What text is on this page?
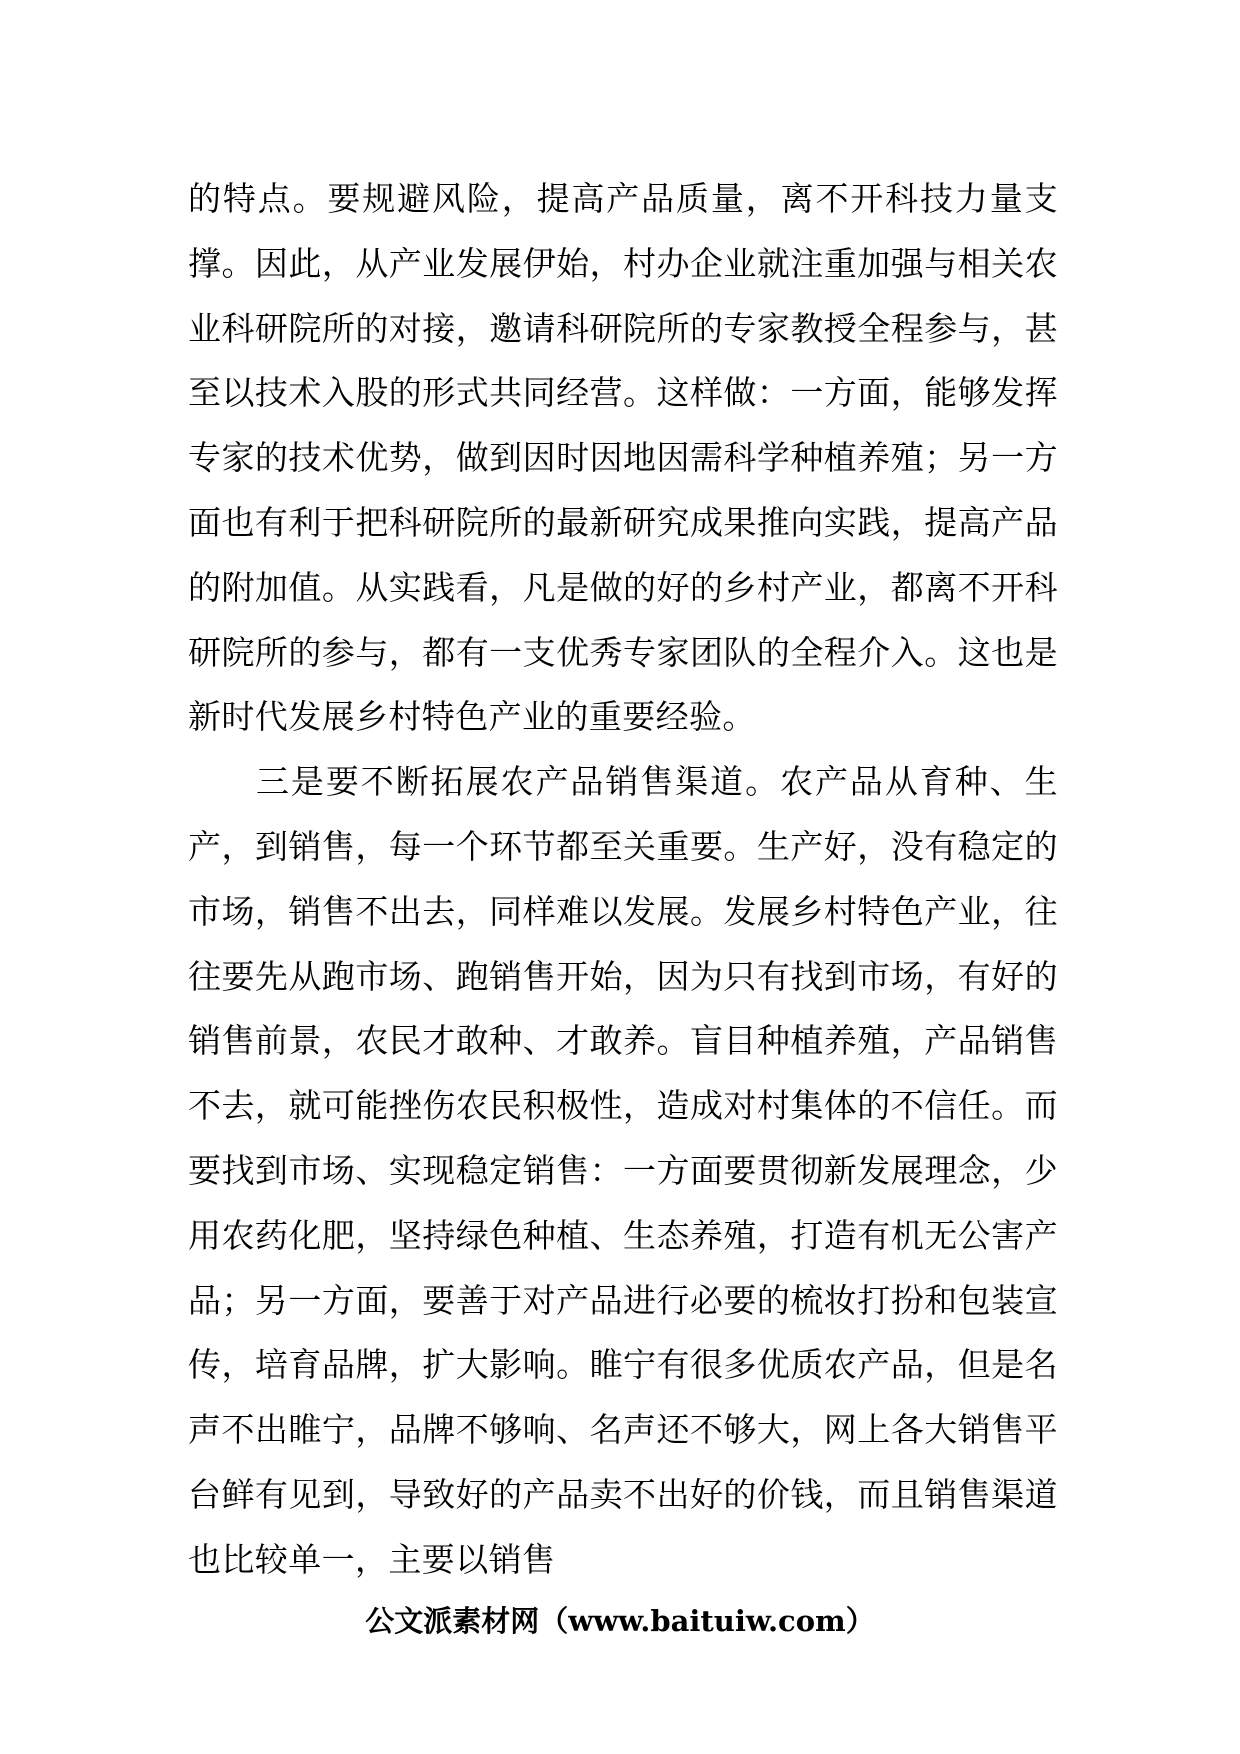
的特点。要规避风险，提高产品质量，离不开科技力量支撑。因此，从产业发展伊始，村办企业就注重加强与相关农业科研院所的对接，邀请科研院所的专家教授全程参与，甚至以技术入股的形式共同经营。这样做：一方面，能够发挥专家的技术优势，做到因时因地因需科学种植养殖；另一方面也有利于把科研院所的最新研究成果推向实践，提高产品的附加值。从实践看，凡是做的好的乡村产业，都离不开科研院所的参与，都有一支优秀专家团队的全程介入。这也是新时代发展乡村特色产业的重要经验。

三是要不断拓展农产品销售渠道。农产品从育种、生产，到销售，每一个环节都至关重要。生产好，没有稳定的市场，销售不出去，同样难以发展。发展乡村特色产业，往往要先从跑市场、跑销售开始，因为只有找到市场，有好的销售前景，农民才敢种、才敢养。盲目种植养殖，产品销售不去，就可能挫伤农民积极性，造成对村集体的不信任。而要找到市场、实现稳定销售：一方面要贯彻新发展理念，少用农药化肥，坚持绿色种植、生态养殖，打造有机无公害产品；另一方面，要善于对产品进行必要的梳妆打扮和包装宣传，培育品牌，扩大影响。睢宁有很多优质农产品，但是名声不出睢宁，品牌不够响、名声还不够大，网上各大销售平台鲜有见到，导致好的产品卖不出好的价钱，而且销售渠道也比较单一，主要以销售

公文派素材网（www.baituiw.com）
